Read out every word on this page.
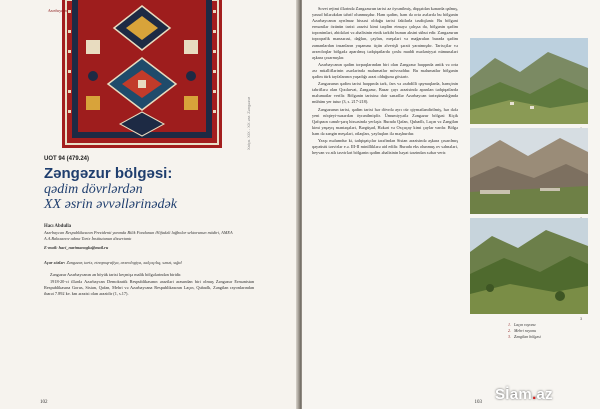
Azərbaycan
Xalça. XIX - XX əsr. Zəngəzur
UOT 94 (479.24)
Zəngəzur bölgəsi:
qədim dövrlərdən
XX əsrin əvvəllərinədək
Hacı Abdulla
Azərbaycan Respublikasının Prezidenti yanında Bilik Fondunun Əlifadəli lağbolar sektorunun müdiri, AMEA A.A.Bakıxanov adına Tarix İnstitutunun dissertantı
E-mail: haci_narimanoglu@mail.ru
Açar sözlər: Zəngəzur, tarix, etnopoqrafiya, arxeologiya, xalçaçılıq, sənət, sığal

Zəngəzur Azərbaycanın ən böyük tarixi keçmişə malik bölgələrindən biridir.

1918-20-ci illərdə Azərbaycan Demokratik Respublikasının əraziləri arasından biri olmuş Zəngəzur Ermənistan Respublikasına Gorus, Sisian, Qafan, Mehri və Azərbaycana Respublikasının Laçın, Qubadlı, Zəngilan rayonlarından ibarət 7.892 kv. km ərazisi olan ərazidir (1, s.17).

102

Sovet rejimi illərində Zəngəzurun tarixi az öyrənilmiş, diqqətdən kənarda qalmış, yaxud bilərəkdən təhrif olunmuşdur. Həm qədim, həm də orta əsrlərdə bu bölgənin Azərbaycanın ayrılmaz hissəsi olduğu tarixi faktlarla təsdiqlənir. Bu bölgəni ermənilər özünün tarixi ərazisi kimi təqdim etməyə çalışsa da, bölgənin qədim toponimləri, abidələri və əhalisinin etnik tərkibi bunun əksini sübut edir. Zəngəzurun topoqrafik mənzərəsi, dağları, çayları, meşələri və mağaraları burada qədim zamanlardan insanların yaşaması üçün əlverişli şərait yaratmışdır. Tarixçilər və arxeoloqlar bölgədə aparılmış tədqiqatlarda çoxlu maddi mədəniyyət nümunələri aşkara çıxarmışlar.

Azərbaycanın qədim torpaqlarından biri olan Zəngəzur haqqında antik və orta əsr müəlliflərinin əsərlərində məlumatlar mövcuddur. Bu məlumatlar bölgənin qədim türk tayfalarının yaşadığı ərazi olduğunu göstərir.

Zəngəzurun qədim tarixi haqqında tərk, fars və ərəbdilli qaynaqlarda, həmçinin təbriflərə olan Qızılarvat, Zəngəzur, Bazar çayı ərazisində aparılan tədqiqatlarda məlumatlar verilir. Bölgənin tarixinə dair sənədlər Azərbaycan tarixşünaslığında mühüm yer tutur (3, s. 217-218).

Zəngəzurun tarixi, qədim tarixi hər dövrdə ayrı cür qiymətləndirilmiş, hər dəfə yeni nöqteyi-nəzərdən öyrənilmişdir. Ümumiyyətlə Zəngəzur bölgəsi Kiçik Qafqazın cənub-şərq hissəsində yerləşir. Burada Qafan, Qubadlı, Laçın və Zəngilan kimi yaşayış məntəqələri, Bərgüşad, Həkəri və Oxçuçay kimi çaylar vardır. Bölgə həm də zəngin meşələri, otlaqları, yaylaqları ilə məşhurdur.

Yaxşı məlumdur ki, tədqiqatçılar tərəfindən Sisian ərazisində aşkara çıxarılmış qayaüstü təsvirlər e.ə. III-II minilliklərə aid edilir. Burada eks olunmuş ov səhnələri, heyvan və atlı təsvirləri bölgənin qədim əhalisinin həyat tərzindən xəbər verir.

3
1. Laçın rayonu
2. Mehri rayonu
3. Zəngilan bölgəsi
103 Sİam.az
